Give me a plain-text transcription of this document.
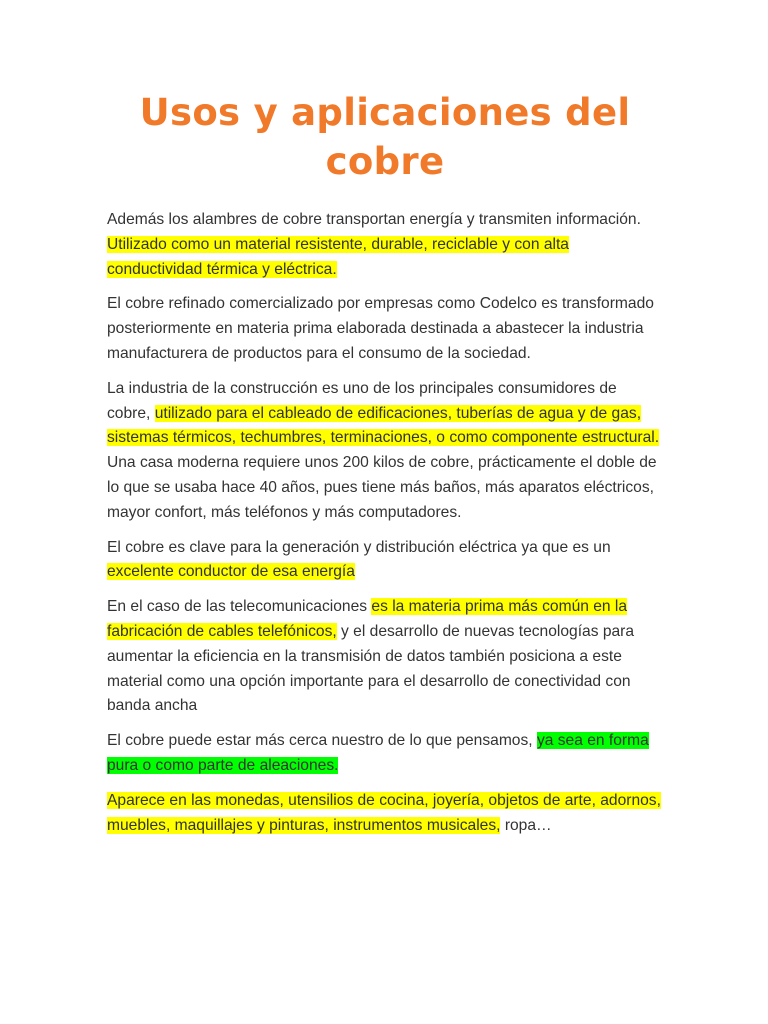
Usos y aplicaciones del cobre

Además los alambres de cobre transportan energía y transmiten información. Utilizado como un material resistente, durable, reciclable y con alta conductividad térmica y eléctrica.

El cobre refinado comercializado por empresas como Codelco es transformado posteriormente en materia prima elaborada destinada a abastecer la industria manufacturera de productos para el consumo de la sociedad.

La industria de la construcción es uno de los principales consumidores de cobre, utilizado para el cableado de edificaciones, tuberías de agua y de gas, sistemas térmicos, techumbres, terminaciones, o como componente estructural. Una casa moderna requiere unos 200 kilos de cobre, prácticamente el doble de lo que se usaba hace 40 años, pues tiene más baños, más aparatos eléctricos, mayor confort, más teléfonos y más computadores.

El cobre es clave para la generación y distribución eléctrica ya que es un excelente conductor de esa energía

En el caso de las telecomunicaciones es la materia prima más común en la fabricación de cables telefónicos, y el desarrollo de nuevas tecnologías para aumentar la eficiencia en la transmisión de datos también posiciona a este material como una opción importante para el desarrollo de conectividad con banda ancha

El cobre puede estar más cerca nuestro de lo que pensamos, ya sea en forma pura o como parte de aleaciones.

Aparece en las monedas, utensilios de cocina, joyería, objetos de arte, adornos, muebles, maquillajes y pinturas, instrumentos musicales, ropa…
